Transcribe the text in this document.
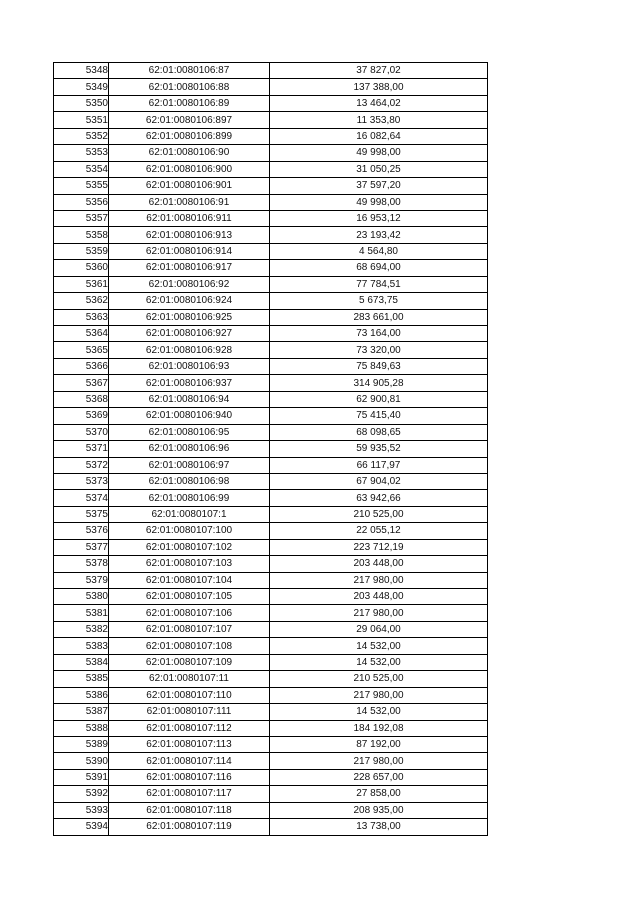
5348	62:01:0080106:87	37 827,02
5349	62:01:0080106:88	137 388,00
5350	62:01:0080106:89	13 464,02
5351	62:01:0080106:897	11 353,80
5352	62:01:0080106:899	16 082,64
5353	62:01:0080106:90	49 998,00
5354	62:01:0080106:900	31 050,25
5355	62:01:0080106:901	37 597,20
5356	62:01:0080106:91	49 998,00
5357	62:01:0080106:911	16 953,12
5358	62:01:0080106:913	23 193,42
5359	62:01:0080106:914	4 564,80
5360	62:01:0080106:917	68 694,00
5361	62:01:0080106:92	77 784,51
5362	62:01:0080106:924	5 673,75
5363	62:01:0080106:925	283 661,00
5364	62:01:0080106:927	73 164,00
5365	62:01:0080106:928	73 320,00
5366	62:01:0080106:93	75 849,63
5367	62:01:0080106:937	314 905,28
5368	62:01:0080106:94	62 900,81
5369	62:01:0080106:940	75 415,40
5370	62:01:0080106:95	68 098,65
5371	62:01:0080106:96	59 935,52
5372	62:01:0080106:97	66 117,97
5373	62:01:0080106:98	67 904,02
5374	62:01:0080106:99	63 942,66
5375	62:01:0080107:1	210 525,00
5376	62:01:0080107:100	22 055,12
5377	62:01:0080107:102	223 712,19
5378	62:01:0080107:103	203 448,00
5379	62:01:0080107:104	217 980,00
5380	62:01:0080107:105	203 448,00
5381	62:01:0080107:106	217 980,00
5382	62:01:0080107:107	29 064,00
5383	62:01:0080107:108	14 532,00
5384	62:01:0080107:109	14 532,00
5385	62:01:0080107:11	210 525,00
5386	62:01:0080107:110	217 980,00
5387	62:01:0080107:111	14 532,00
5388	62:01:0080107:112	184 192,08
5389	62:01:0080107:113	87 192,00
5390	62:01:0080107:114	217 980,00
5391	62:01:0080107:116	228 657,00
5392	62:01:0080107:117	27 858,00
5393	62:01:0080107:118	208 935,00
5394	62:01:0080107:119	13 738,00
